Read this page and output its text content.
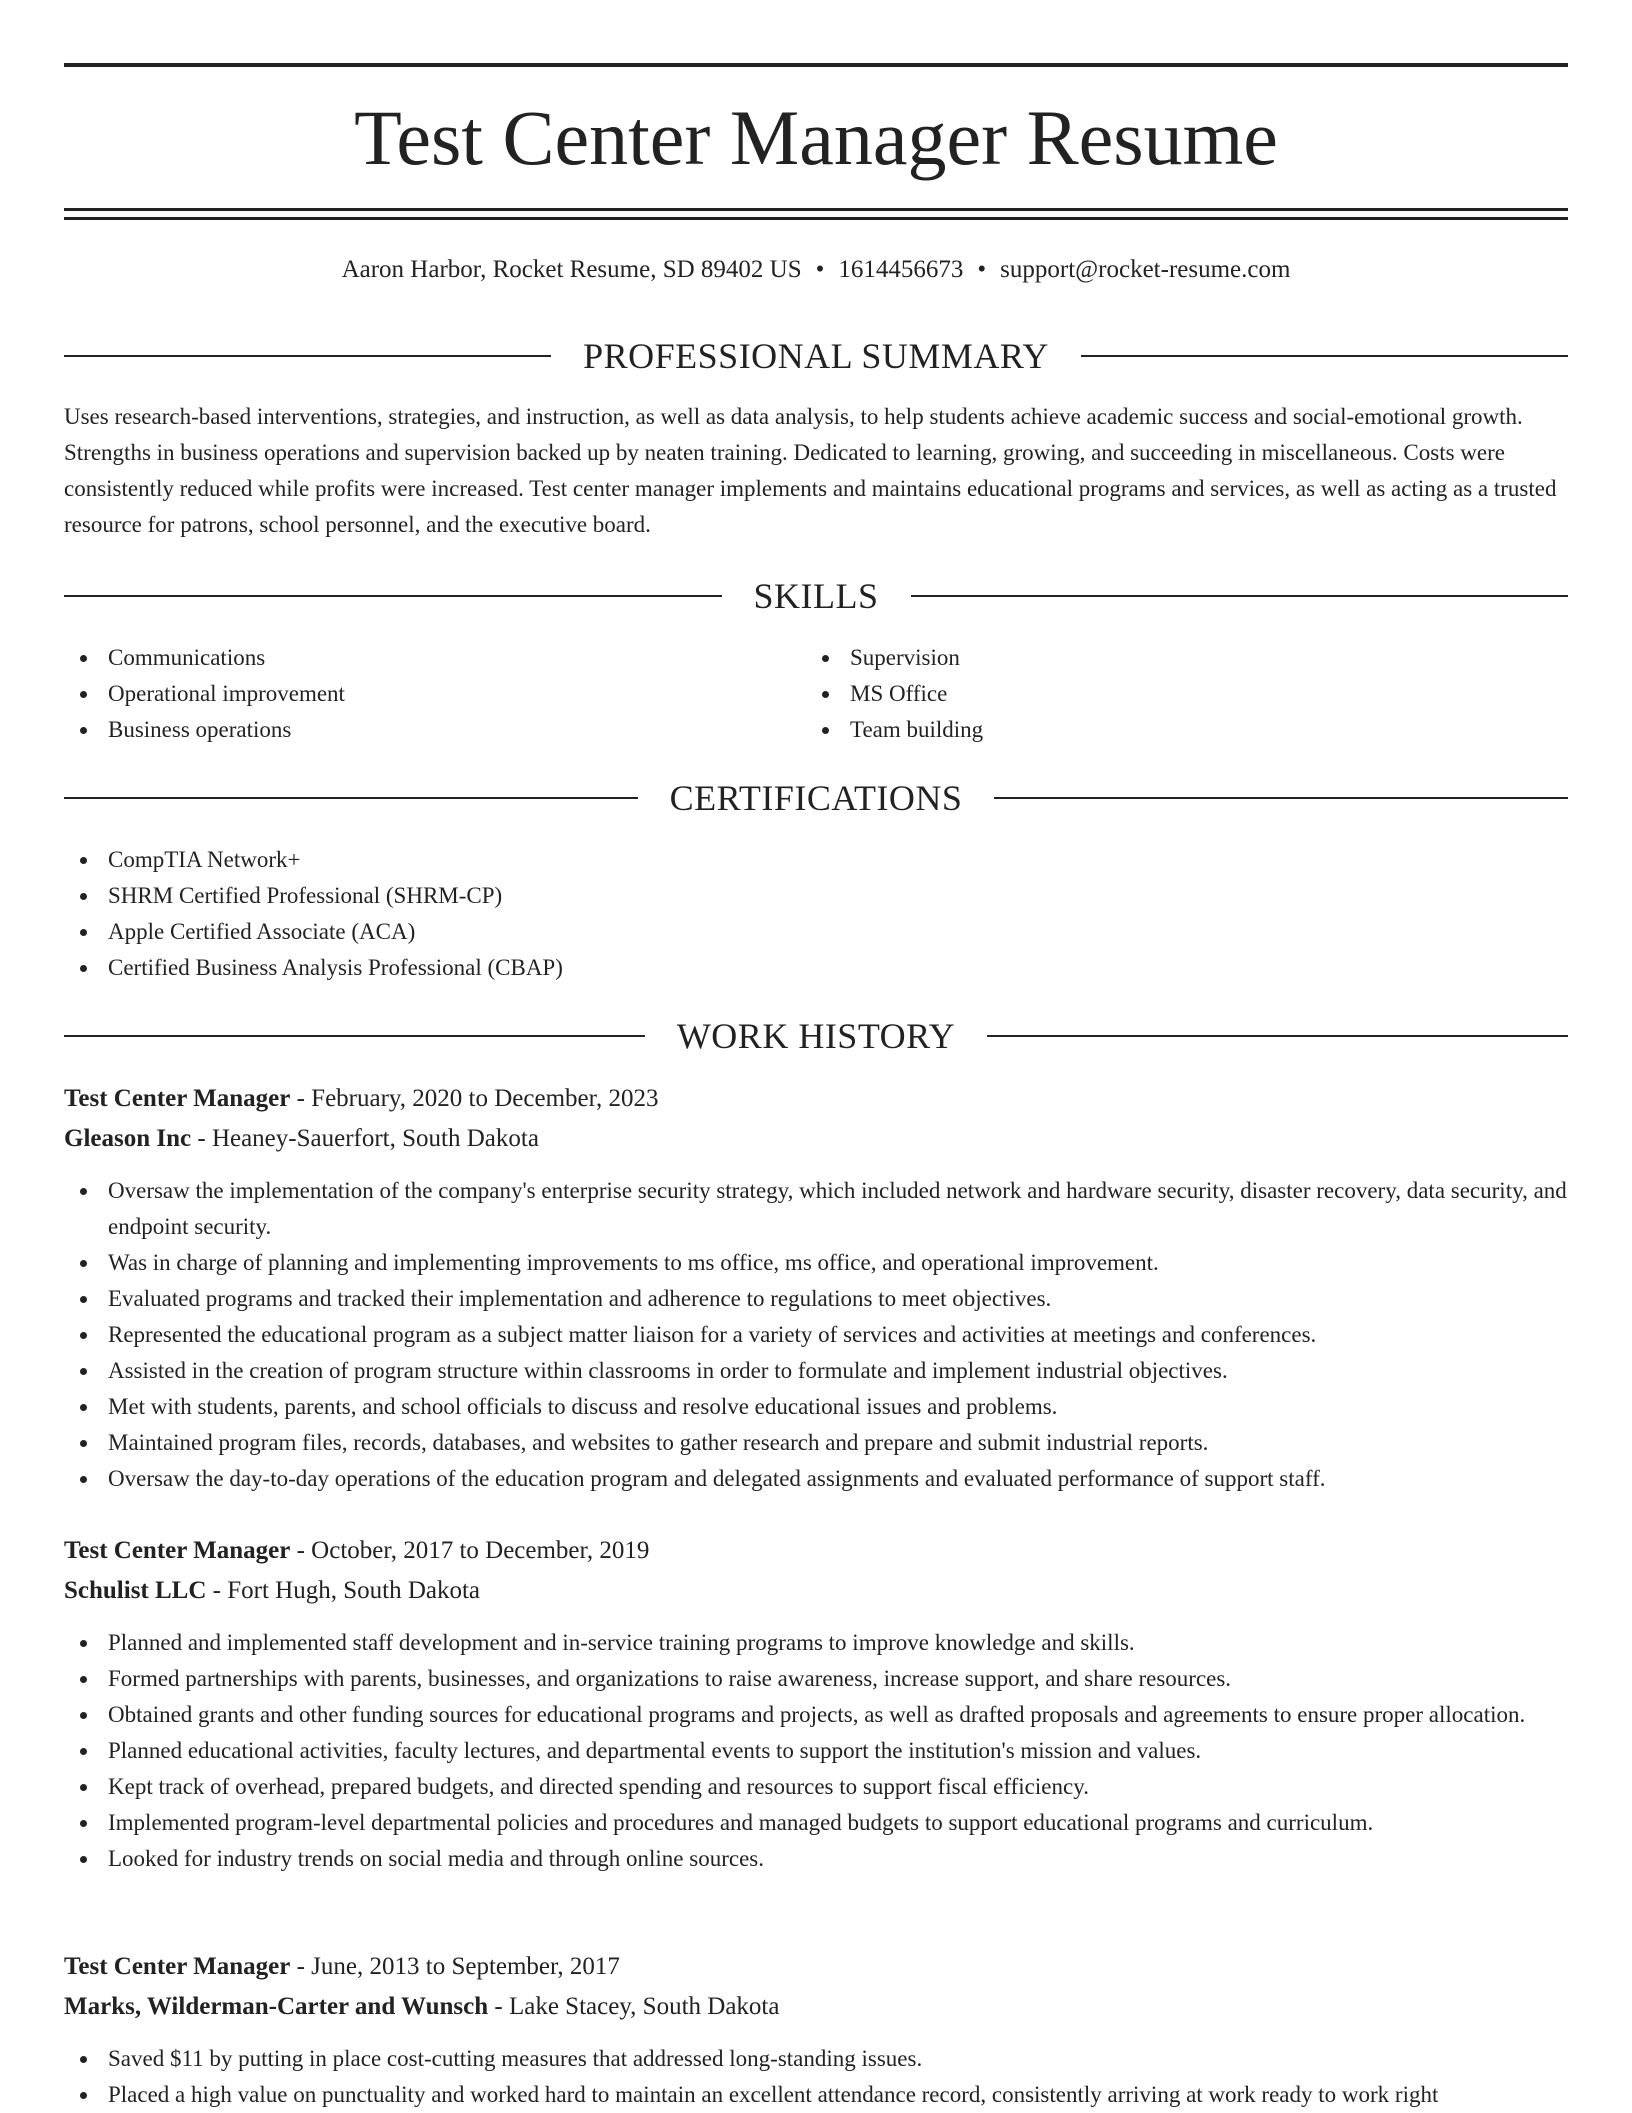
Test Center Manager Resume
Aaron Harbor, Rocket Resume, SD 89402 US • 1614456673 • support@rocket-resume.com
PROFESSIONAL SUMMARY

Uses research-based interventions, strategies, and instruction, as well as data analysis, to help students achieve academic success and social-emotional growth. Strengths in business operations and supervision backed up by neaten training. Dedicated to learning, growing, and succeeding in miscellaneous. Costs were consistently reduced while profits were increased. Test center manager implements and maintains educational programs and services, as well as acting as a trusted resource for patrons, school personnel, and the executive board.

SKILLS
Communications
Operational improvement
Business operations
Supervision
MS Office
Team building
CERTIFICATIONS
CompTIA Network+
SHRM Certified Professional (SHRM-CP)
Apple Certified Associate (ACA)
Certified Business Analysis Professional (CBAP)
WORK HISTORY
Test Center Manager - February, 2020 to December, 2023
Gleason Inc - Heaney-Sauerfort, South Dakota
Oversaw the implementation of the company's enterprise security strategy, which included network and hardware security, disaster recovery, data security, and endpoint security.
Was in charge of planning and implementing improvements to ms office, ms office, and operational improvement.
Evaluated programs and tracked their implementation and adherence to regulations to meet objectives.
Represented the educational program as a subject matter liaison for a variety of services and activities at meetings and conferences.
Assisted in the creation of program structure within classrooms in order to formulate and implement industrial objectives.
Met with students, parents, and school officials to discuss and resolve educational issues and problems.
Maintained program files, records, databases, and websites to gather research and prepare and submit industrial reports.
Oversaw the day-to-day operations of the education program and delegated assignments and evaluated performance of support staff.
Test Center Manager - October, 2017 to December, 2019
Schulist LLC - Fort Hugh, South Dakota
Planned and implemented staff development and in-service training programs to improve knowledge and skills.
Formed partnerships with parents, businesses, and organizations to raise awareness, increase support, and share resources.
Obtained grants and other funding sources for educational programs and projects, as well as drafted proposals and agreements to ensure proper allocation.
Planned educational activities, faculty lectures, and departmental events to support the institution's mission and values.
Kept track of overhead, prepared budgets, and directed spending and resources to support fiscal efficiency.
Implemented program-level departmental policies and procedures and managed budgets to support educational programs and curriculum.
Looked for industry trends on social media and through online sources.
Test Center Manager - June, 2013 to September, 2017
Marks, Wilderman-Carter and Wunsch - Lake Stacey, South Dakota
Saved $11 by putting in place cost-cutting measures that addressed long-standing issues.
Placed a high value on punctuality and worked hard to maintain an excellent attendance record, consistently arriving at work ready to work right
